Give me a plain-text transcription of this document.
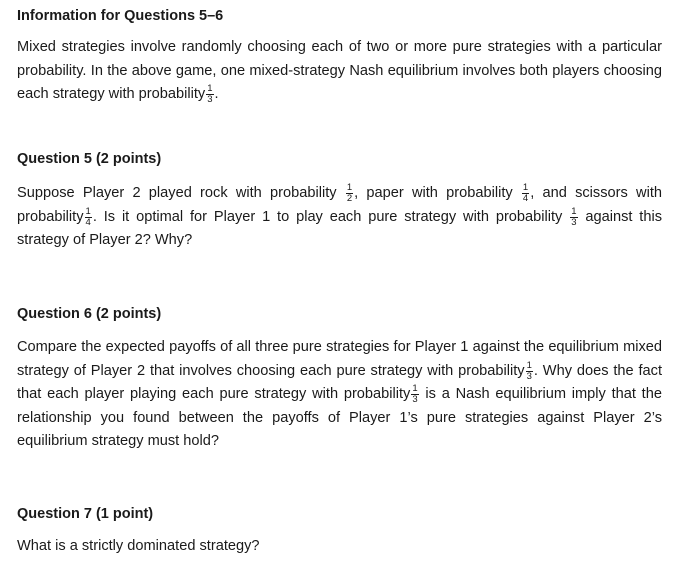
Information for Questions 5–6

Mixed strategies involve randomly choosing each of two or more pure strategies with a particular probability. In the above game, one mixed-strategy Nash equilibrium involves both players choosing each strategy with probability $\frac{1}{3}$ .

Question 5 (2 points)

Suppose Player 2 played rock with probability $\frac{1}{2}$ , paper with probability $\frac{1}{4}$ , and scissors with probability $\frac{1}{4}$ . Is it optimal for Player 1 to play each pure strategy with probability $\frac{1}{3}$ against this strategy of Player 2? Why?

Question 6 (2 points)

Compare the expected payoffs of all three pure strategies for Player 1 against the equilibrium mixed strategy of Player 2 that involves choosing each pure strategy with probability $\frac{1}{3}$ . Why does the fact that each player playing each pure strategy with probability $\frac{1}{3}$ is a Nash equilibrium imply that the relationship you found between the payoffs of Player 1’s pure strategies against Player 2’s equilibrium strategy must hold?

Question 7 (1 point)

What is a strictly dominated strategy?
